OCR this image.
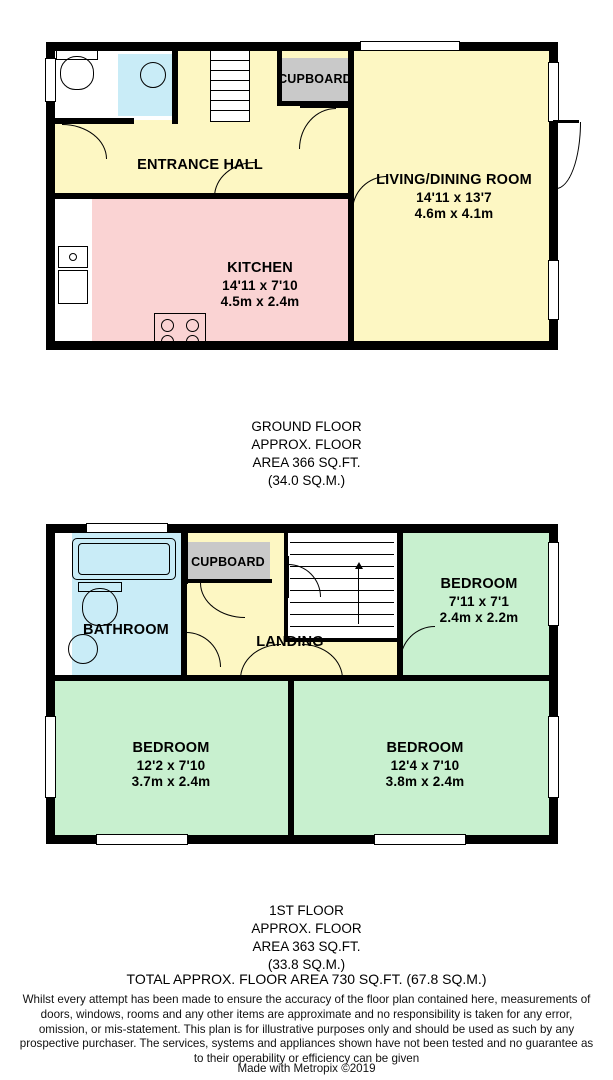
ENTRANCE HALL
LIVING/DINING ROOM
14'11 x 13'7
4.6m x 4.1m
KITCHEN
14'11 x 7'10
4.5m x 2.4m
CUPBOARD
GROUND FLOOR
APPROX. FLOOR
AREA 366 SQ.FT.
(34.0 SQ.M.)
CUPBOARD
BATHROOM
LANDING
BEDROOM
7'11 x 7'1
2.4m x 2.2m
BEDROOM
12'2 x 7'10
3.7m x 2.4m
BEDROOM
12'4 x 7'10
3.8m x 2.4m
1ST FLOOR
APPROX. FLOOR
AREA 363 SQ.FT.
(33.8 SQ.M.)
TOTAL APPROX. FLOOR AREA 730 SQ.FT. (67.8 SQ.M.)
Whilst every attempt has been made to ensure the accuracy of the floor plan contained here, measurements of doors, windows, rooms and any other items are approximate and no responsibility is taken for any error, omission, or mis-statement. This plan is for illustrative purposes only and should be used as such by any prospective purchaser. The services, systems and appliances shown have not been tested and no guarantee as to their operability or efficiency can be given
Made with Metropix ©2019
